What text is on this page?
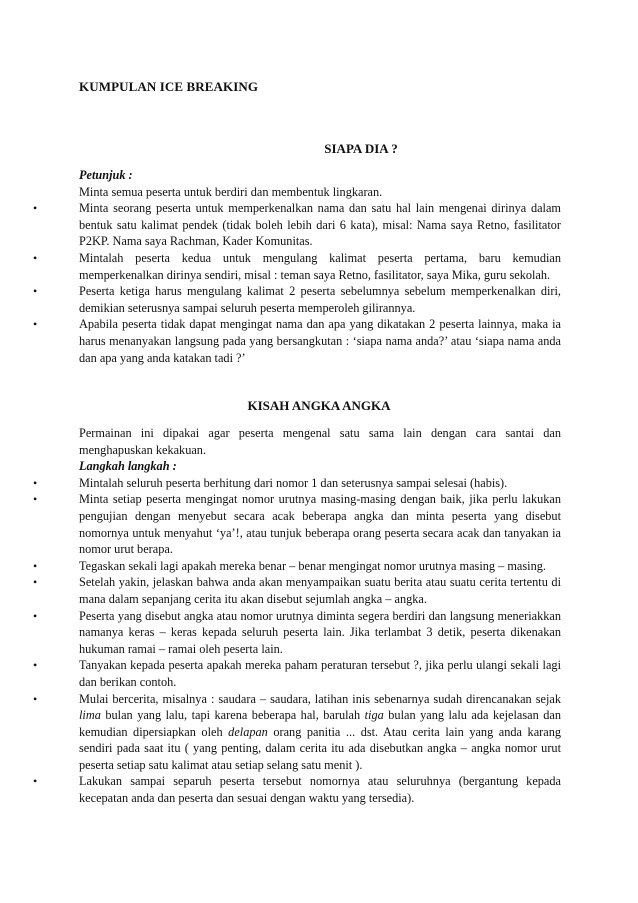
KUMPULAN ICE BREAKING
SIAPA DIA ?

Petunjuk :

Minta semua peserta untuk berdiri dan membentuk lingkaran.

• Minta seorang peserta untuk memperkenalkan nama dan satu hal lain mengenai dirinya dalam bentuk satu kalimat pendek (tidak boleh lebih dari 6 kata), misal: Nama saya Retno, fasilitator P2KP. Nama saya Rachman, Kader Komunitas.
• Mintalah peserta kedua untuk mengulang kalimat peserta pertama, baru kemudian memperkenalkan dirinya sendiri, misal : teman saya Retno, fasilitator, saya Mika, guru sekolah.
• Peserta ketiga harus mengulang kalimat 2 peserta sebelumnya sebelum memperkenalkan diri, demikian seterusnya sampai seluruh peserta memperoleh gilirannya.
• Apabila peserta tidak dapat mengingat nama dan apa yang dikatakan 2 peserta lainnya, maka ia harus menanyakan langsung pada yang bersangkutan : ‘siapa nama anda?’ atau ‘siapa nama anda dan apa yang anda katakan tadi ?’
KISAH ANGKA ANGKA

Permainan ini dipakai agar peserta mengenal satu sama lain dengan cara santai dan menghapuskan kekakuan.

Langkah langkah :

• Mintalah seluruh peserta berhitung dari nomor 1 dan seterusnya sampai selesai (habis).
• Minta setiap peserta mengingat nomor urutnya masing-masing dengan baik, jika perlu lakukan pengujian dengan menyebut secara acak beberapa angka dan minta peserta yang disebut nomornya untuk menyahut ‘ya’!, atau tunjuk beberapa orang peserta secara acak dan tanyakan ia nomor urut berapa.
• Tegaskan sekali lagi apakah mereka benar – benar mengingat nomor urutnya masing – masing.
• Setelah yakin, jelaskan bahwa anda akan menyampaikan suatu berita atau suatu cerita tertentu di mana dalam sepanjang cerita itu akan disebut sejumlah angka – angka.
• Peserta yang disebut angka atau nomor urutnya diminta segera berdiri dan langsung meneriakkan namanya keras – keras kepada seluruh peserta lain. Jika terlambat 3 detik, peserta dikenakan hukuman ramai – ramai oleh peserta lain.
• Tanyakan kepada peserta apakah mereka paham peraturan tersebut ?, jika perlu ulangi sekali lagi dan berikan contoh.
• Mulai bercerita, misalnya : saudara – saudara, latihan inis sebenarnya sudah direncanakan sejak lima bulan yang lalu, tapi karena beberapa hal, barulah tiga bulan yang lalu ada kejelasan dan kemudian dipersiapkan oleh delapan orang panitia ... dst. Atau cerita lain yang anda karang sendiri pada saat itu ( yang penting, dalam cerita itu ada disebutkan angka – angka nomor urut peserta setiap satu kalimat atau setiap selang satu menit ).
• Lakukan sampai separuh peserta tersebut nomornya atau seluruhnya (bergantung kepada kecepatan anda dan peserta dan sesuai dengan waktu yang tersedia).
